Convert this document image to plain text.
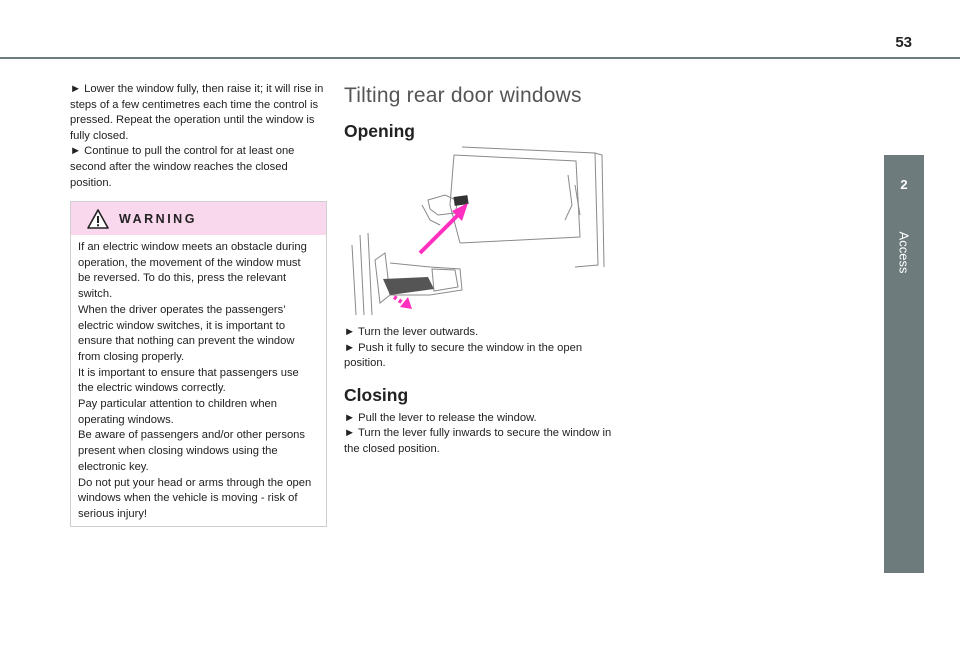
53
2
Access

► Lower the window fully, then raise it; it will rise in steps of a few centimetres each time the control is pressed. Repeat the operation until the window is fully closed.

► Continue to pull the control for at least one second after the window reaches the closed position.

WARNING

If an electric window meets an obstacle during operation, the movement of the window must be reversed. To do this, press the relevant switch.

When the driver operates the passengers’ electric window switches, it is important to ensure that nothing can prevent the window from closing properly.

It is important to ensure that passengers use the electric windows correctly.

Pay particular attention to children when operating windows.

Be aware of passengers and/or other persons present when closing windows using the electronic key.

Do not put your head or arms through the open windows when the vehicle is moving - risk of serious injury!

Tilting rear door windows
Opening

► Turn the lever outwards.

► Push it fully to secure the window in the open position.

Closing

► Pull the lever to release the window.

► Turn the lever fully inwards to secure the window in the closed position.
